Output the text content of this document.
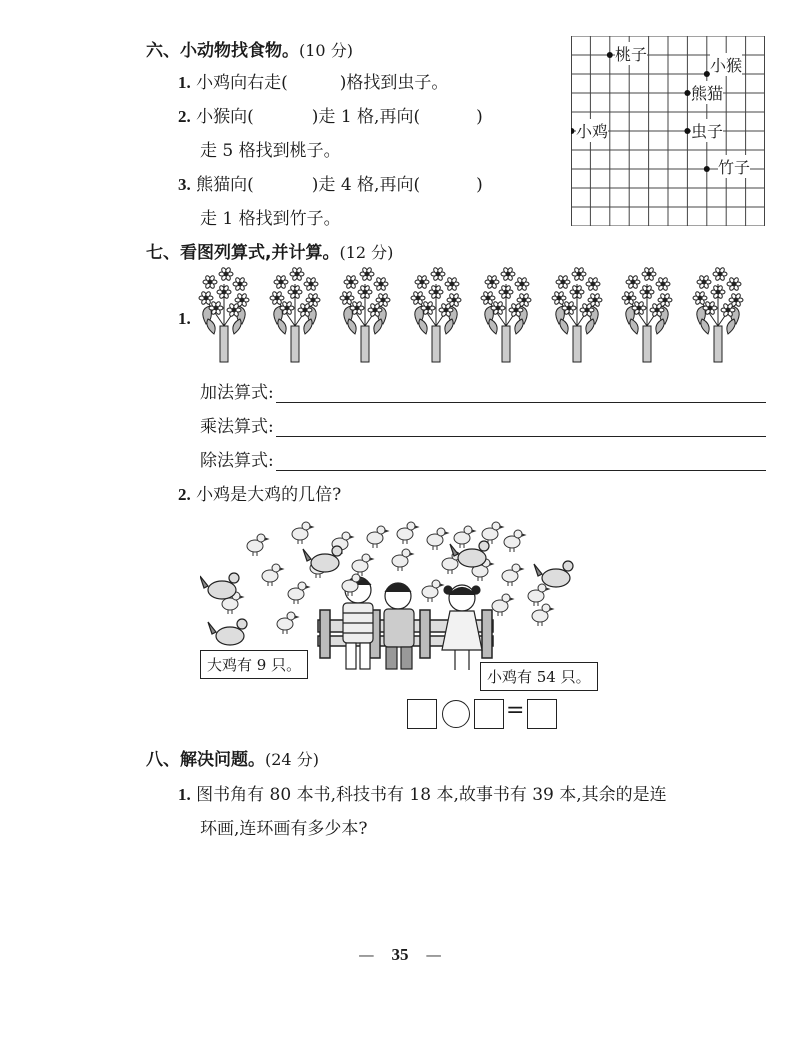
六、小动物找食物。(10 分)
1. 小鸡向右走(	)格找到虫子。
2. 小猴向(	)走 1 格,再向(	)
走 5 格找到桃子。
3. 熊猫向(	)走 4 格,再向(	)
走 1 格找到竹子。
桃子
小猴
熊猫
小鸡	虫子
竹子
七、看图列算式,并计算。(12 分)
1.
加法算式:
乘法算式:
除法算式:
2. 小鸡是大鸡的几倍?
大鸡有 9 只。
小鸡有 54 只。
=
八、解决问题。(24 分)
1. 图书角有 80 本书,科技书有 18 本,故事书有 39 本,其余的是连
环画,连环画有多少本?
— 35 —
